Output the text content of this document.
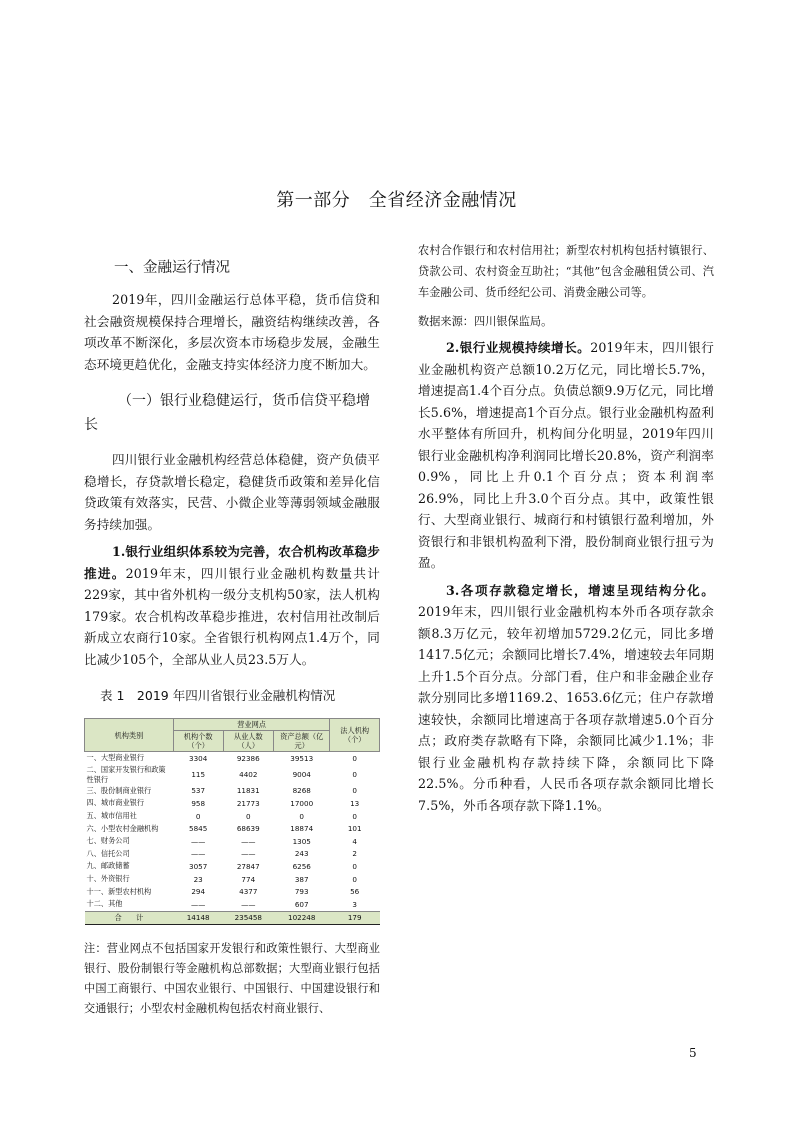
第一部分　全省经济金融情况
一、金融运行情况

2019年，四川金融运行总体平稳，货币信贷和社会融资规模保持合理增长，融资结构继续改善，各项改革不断深化，多层次资本市场稳步发展，金融生态环境更趋优化，金融支持实体经济力度不断加大。

（一）银行业稳健运行，货币信贷平稳增长

四川银行业金融机构经营总体稳健，资产负债平稳增长，存贷款增长稳定，稳健货币政策和差异化信贷政策有效落实，民营、小微企业等薄弱领域金融服务持续加强。

1.银行业组织体系较为完善，农合机构改革稳步推进。2019年末，四川银行业金融机构数量共计229家，其中省外机构一级分支机构50家，法人机构179家。农合机构改革稳步推进，农村信用社改制后新成立农商行10家。全省银行机构网点1.4万个，同比减少105个，全部从业人员23.5万人。

表 1　2019 年四川省银行业金融机构情况
机构类别	营业网点			法人机构（个）
	机构个数（个）	从业人数（人）	资产总额（亿元）	
一、大型商业银行	3304	92386	39513	0
二、国家开发银行和政策性银行	115	4402	9004	0
三、股份制商业银行	537	11831	8268	0
四、城市商业银行	958	21773	17000	13
五、城市信用社	0	0	0	0
六、小型农村金融机构	5845	68639	18874	101
七、财务公司	——	——	1305	4
八、信托公司	——	——	243	2
九、邮政储蓄	3057	27847	6256	0
十、外资银行	23	774	387	0
十一、新型农村机构	294	4377	793	56
十二、其他	——	——	607	3
合　　计	14148	235458	102248	179

注：营业网点不包括国家开发银行和政策性银行、大型商业银行、股份制银行等金融机构总部数据；大型商业银行包括中国工商银行、中国农业银行、中国银行、中国建设银行和交通银行；小型农村金融机构包括农村商业银行、

农村合作银行和农村信用社；新型农村机构包括村镇银行、贷款公司、农村资金互助社；“其他”包含金融租赁公司、汽车金融公司、货币经纪公司、消费金融公司等。

数据来源：四川银保监局。

2.银行业规模持续增长。2019年末，四川银行业金融机构资产总额10.2万亿元，同比增长5.7%，增速提高1.4个百分点。负债总额9.9万亿元，同比增长5.6%，增速提高1个百分点。银行业金融机构盈利水平整体有所回升，机构间分化明显，2019年四川银行业金融机构净利润同比增长20.8%，资产利润率0.9%，同比上升0.1个百分点；资本利润率26.9%，同比上升3.0个百分点。其中，政策性银行、大型商业银行、城商行和村镇银行盈利增加，外资银行和非银机构盈利下滑，股份制商业银行扭亏为盈。

3.各项存款稳定增长，增速呈现结构分化。2019年末，四川银行业金融机构本外币各项存款余额8.3万亿元，较年初增加5729.2亿元，同比多增1417.5亿元；余额同比增长7.4%，增速较去年同期上升1.5个百分点。分部门看，住户和非金融企业存款分别同比多增1169.2、1653.6亿元；住户存款增速较快，余额同比增速高于各项存款增速5.0个百分点；政府类存款略有下降，余额同比减少1.1%；非银行业金融机构存款持续下降，余额同比下降22.5%。分币种看，人民币各项存款余额同比增长7.5%，外币各项存款下降1.1%。

5
